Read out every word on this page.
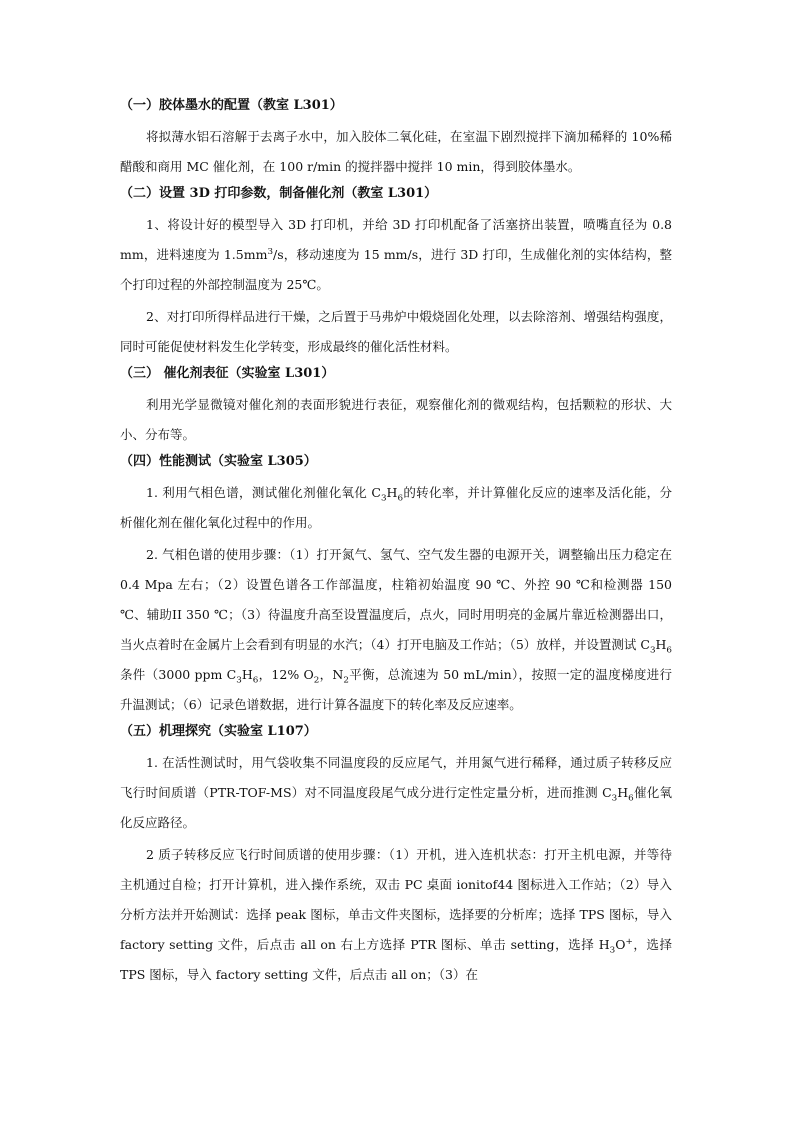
（一）胶体墨水的配置（教室 L301）

将拟薄水铝石溶解于去离子水中，加入胶体二氧化硅，在室温下剧烈搅拌下滴加稀释的 10%稀醋酸和商用 MC 催化剂，在 100 r/min 的搅拌器中搅拌 10 min，得到胶体墨水。

（二）设置 3D 打印参数，制备催化剂（教室 L301）

1、将设计好的模型导入 3D 打印机，并给 3D 打印机配备了活塞挤出装置，喷嘴直径为 0.8 mm，进料速度为 $1.5mm^3/s$，移动速度为 15 mm/s，进行 3D 打印，生成催化剂的实体结构，整个打印过程的外部控制温度为 25℃。

2、对打印所得样品进行干燥，之后置于马弗炉中煅烧固化处理，以去除溶剂、增强结构强度，同时可能促使材料发生化学转变，形成最终的催化活性材料。

（三） 催化剂表征（实验室 L301）

利用光学显微镜对催化剂的表面形貌进行表征，观察催化剂的微观结构，包括颗粒的形状、大小、分布等。

（四）性能测试（实验室 L305）

1. 利用气相色谱，测试催化剂催化氧化 $C_3H_6$的转化率，并计算催化反应的速率及活化能，分析催化剂在催化氧化过程中的作用。

2. 气相色谱的使用步骤：（1）打开氮气、氢气、空气发生器的电源开关，调整输出压力稳定在 0.4 Mpa 左右；（2）设置色谱各工作部温度，柱箱初始温度 90 ℃、外控 90 ℃和检测器 150 ℃、辅助II 350 ℃；（3）待温度升高至设置温度后，点火，同时用明亮的金属片靠近检测器出口，当火点着时在金属片上会看到有明显的水汽；（4）打开电脑及工作站；（5）放样，并设置测试 $C_3H_6$条件（3000 ppm $C_3H_6$，12% $O_2$，$N_2$平衡，总流速为 50 mL/min），按照一定的温度梯度进行升温测试；（6）记录色谱数据，进行计算各温度下的转化率及反应速率。

（五）机理探究（实验室 L107）

1. 在活性测试时，用气袋收集不同温度段的反应尾气，并用氮气进行稀释，通过质子转移反应飞行时间质谱（PTR-TOF-MS）对不同温度段尾气成分进行定性定量分析，进而推测 $C_3H_6$催化氧化反应路径。

2 质子转移反应飞行时间质谱的使用步骤：（1）开机，进入连机状态：打开主机电源，并等待主机通过自检；打开计算机，进入操作系统，双击 PC 桌面 ionitof44 图标进入工作站；（2）导入分析方法并开始测试：选择 peak 图标，单击文件夹图标，选择要的分析库；选择 TPS 图标，导入 factory setting 文件，后点击 all on 右上方选择 PTR 图标、单击 setting，选择 $H_3O^+$，选择 TPS 图标，导入 factory setting 文件，后点击 all on；（3）在
